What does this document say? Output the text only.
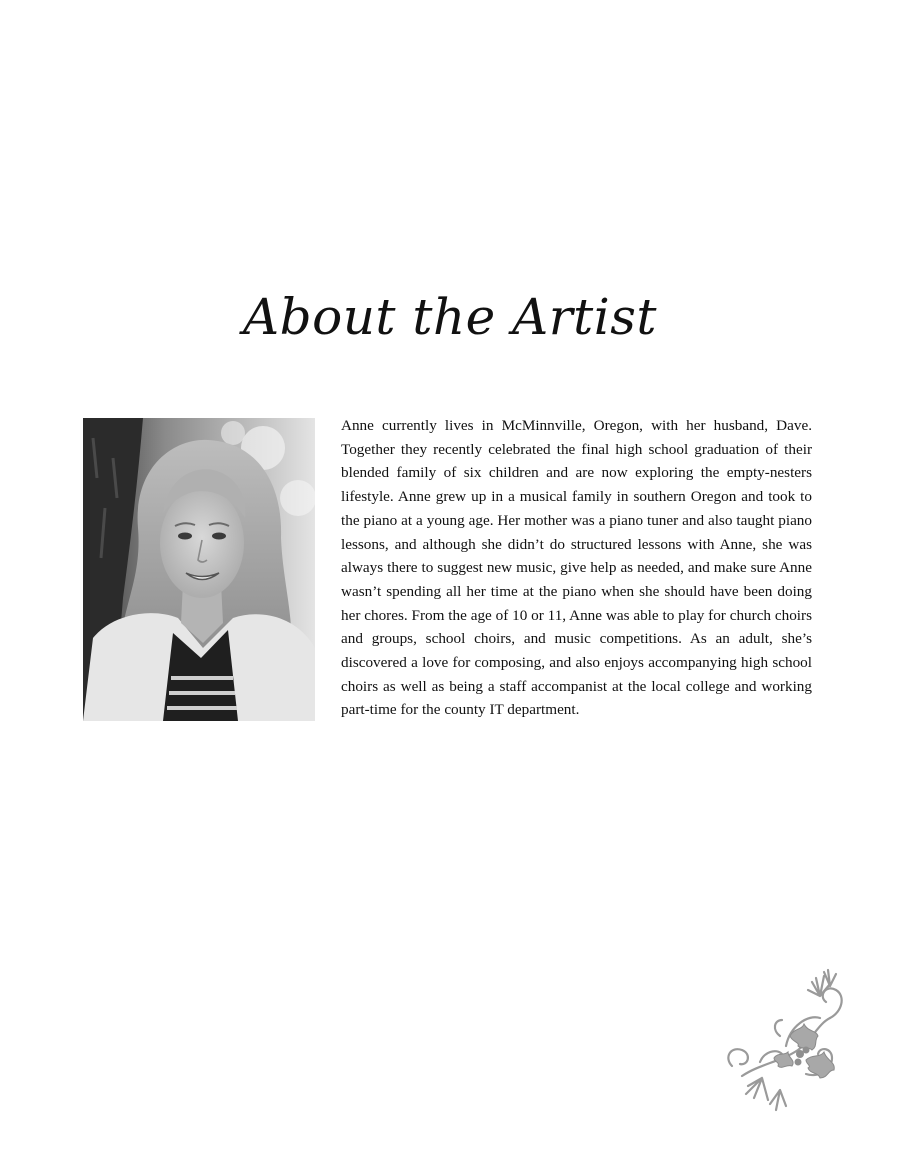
About the Artist

Anne currently lives in McMinnville, Oregon, with her husband, Dave. Together they recently celebrated the final high school graduation of their blended family of six children and are now exploring the empty-nesters lifestyle. Anne grew up in a musical family in southern Oregon and took to the piano at a young age. Her mother was a piano tuner and also taught piano lessons, and although she didn’t do structured lessons with Anne, she was always there to suggest new music, give help as needed, and make sure Anne wasn’t spending all her time at the piano when she should have been doing her chores. From the age of 10 or 11, Anne was able to play for church choirs and groups, school choirs, and music competitions. As an adult, she’s discovered a love for composing, and also enjoys accompanying high school choirs as well as being a staff accompanist at the local college and working part-time for the county IT department.
